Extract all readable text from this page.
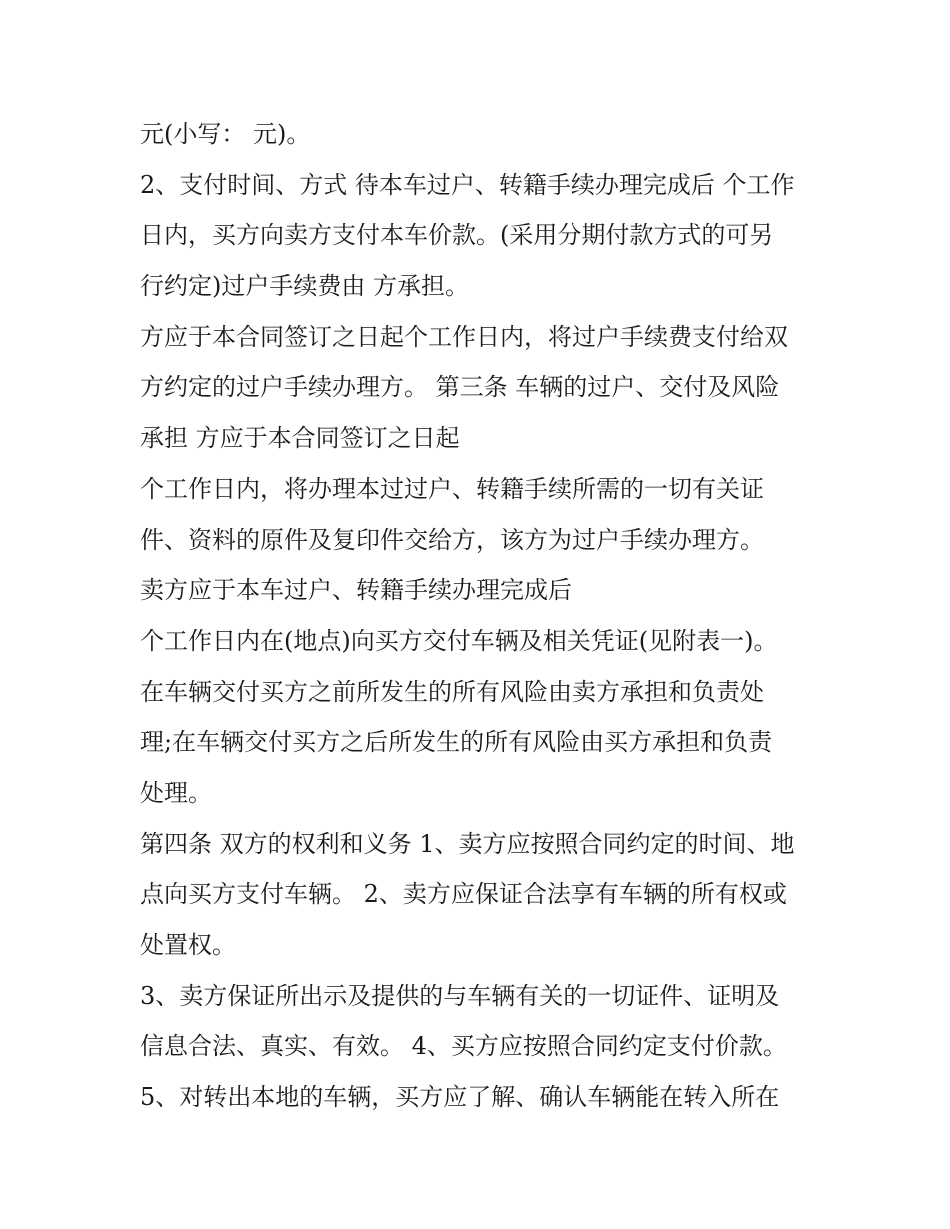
元(小写： 元)。
2、支付时间、方式 待本车过户、转籍手续办理完成后 个工作
日内，买方向卖方支付本车价款。(采用分期付款方式的可另
行约定)过户手续费由 方承担。
方应于本合同签订之日起个工作日内，将过户手续费支付给双
方约定的过户手续办理方。 第三条 车辆的过户、交付及风险
承担 方应于本合同签订之日起
个工作日内，将办理本过过户、转籍手续所需的一切有关证
件、资料的原件及复印件交给方，该方为过户手续办理方。
卖方应于本车过户、转籍手续办理完成后
个工作日内在(地点)向买方交付车辆及相关凭证(见附表一)。
在车辆交付买方之前所发生的所有风险由卖方承担和负责处
理;在车辆交付买方之后所发生的所有风险由买方承担和负责
处理。
第四条 双方的权利和义务 1、卖方应按照合同约定的时间、地
点向买方支付车辆。 2、卖方应保证合法享有车辆的所有权或
处置权。
3、卖方保证所出示及提供的与车辆有关的一切证件、证明及
信息合法、真实、有效。 4、买方应按照合同约定支付价款。
5、对转出本地的车辆，买方应了解、确认车辆能在转入所在
